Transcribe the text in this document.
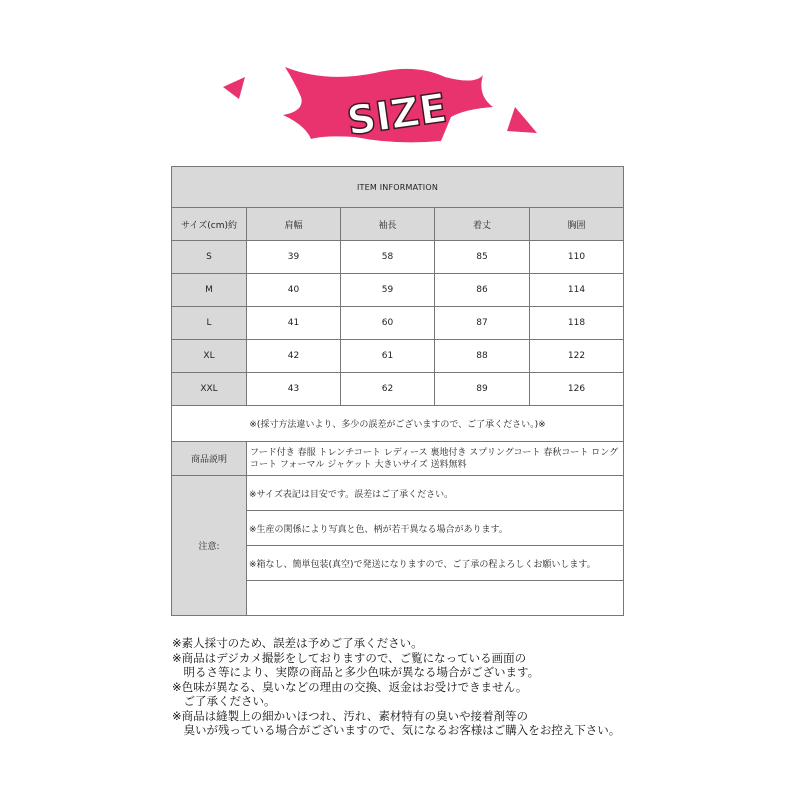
SIZE
ITEM INFORMATION				
サイズ(cm)約	肩幅	袖長	着丈	胸囲
S	39	58	85	110
M	40	59	86	114
L	41	60	87	118
XL	42	61	88	122
XXL	43	62	89	126
※(採寸方法違いより、多少の誤差がございますので、ご了承ください。)※				
商品説明	フード付き 春服 トレンチコート レディース 裏地付き スプリングコート 春秋コート ロングコート フォーマル ジャケット 大きいサイズ 送料無料			
注意:	※サイズ表記は目安です。誤差はご了承ください。			
	※生産の関係により写真と色、柄が若干異なる場合があります。			
	※箱なし、簡単包装(真空)で発送になりますので、ご了承の程よろしくお願いします。			

※素人採寸のため、誤差は予めご了承ください。
※商品はデジカメ撮影をしておりますので、ご覧になっている画面の
　明るさ等により、実際の商品と多少色味が異なる場合がございます。
※色味が異なる、臭いなどの理由の交換、返金はお受けできません。
　ご了承ください。
※商品は縫製上の細かいほつれ、汚れ、素材特有の臭いや接着剤等の
　臭いが残っている場合がございますので、気になるお客様はご購入をお控え下さい。
